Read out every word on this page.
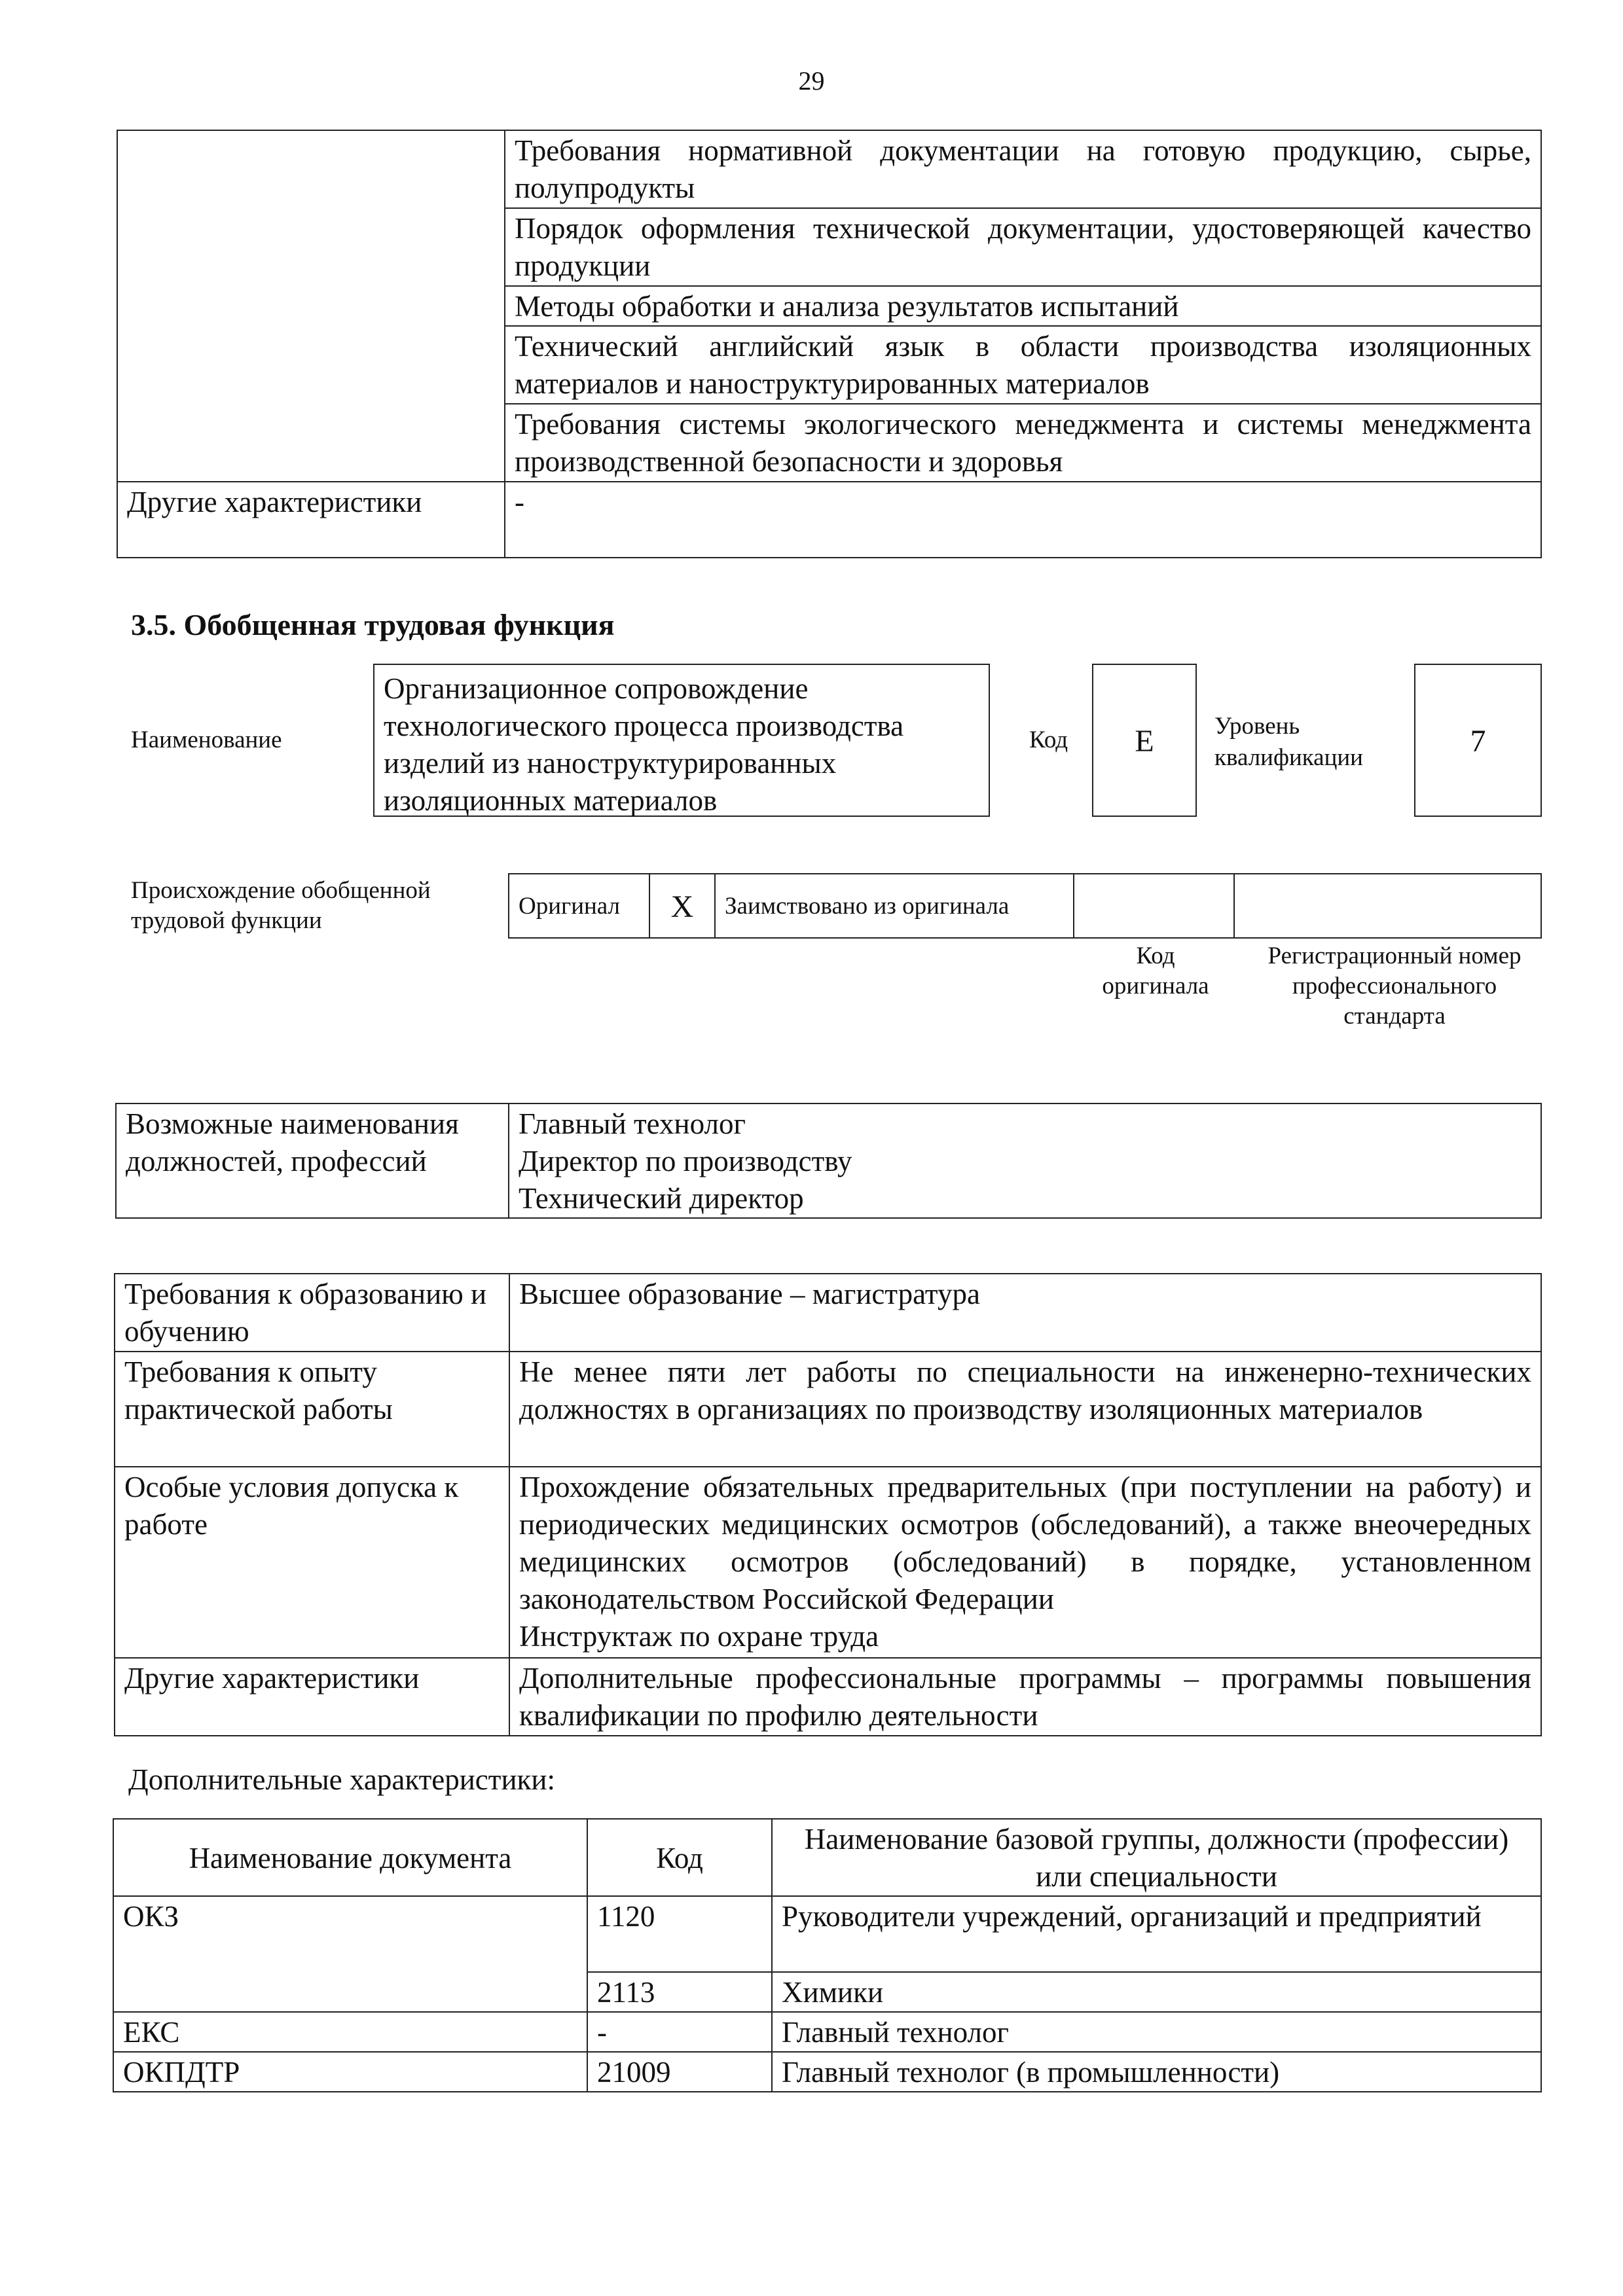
29
	Требования нормативной документации на готовую продукцию, сырье, полупродукты
	Порядок оформления технической документации, удостоверяющей качество продукции
	Методы обработки и анализа результатов испытаний
	Технический английский язык в области производства изоляционных материалов и наноструктурированных материалов
	Требования системы экологического менеджмента и системы менеджмента производственной безопасности и здоровья
Другие характеристики	-
3.5. Обобщенная трудовая функция
Наименование
Организационное сопровождение технологического процесса производства изделий из наноструктурированных изоляционных материалов
Код	E	Уровень квалификации	7
Происхождение обобщенной трудовой функции
Оригинал	X	Заимствовано из оригинала		
Код оригинала
Регистрационный номер профессионального стандарта
Возможные наименования должностей, профессий	
Главный технолог
Директор по производству
Технический директор
Требования к образованию и обучению	Высшее образование – магистратура
Требования к опыту практической работы	Не менее пяти лет работы по специальности на инженерно-технических должностях в организациях по производству изоляционных материалов
Особые условия допуска к работе	Прохождение обязательных предварительных (при поступлении на работу) и периодических медицинских осмотров (обследований), а также внеочередных медицинских осмотров (обследований) в порядке, установленном законодательством Российской Федерации
Инструктаж по охране труда

Другие характеристики	Дополнительные профессиональные программы – программы повышения квалификации по профилю деятельности
Дополнительные характеристики:
Наименование документа	Код	Наименование базовой группы, должности (профессии) или специальности
ОКЗ	1120	Руководители учреждений, организаций и предприятий
	2113	Химики
ЕКС	-	Главный технолог
ОКПДТР	21009	Главный технолог (в промышленности)
